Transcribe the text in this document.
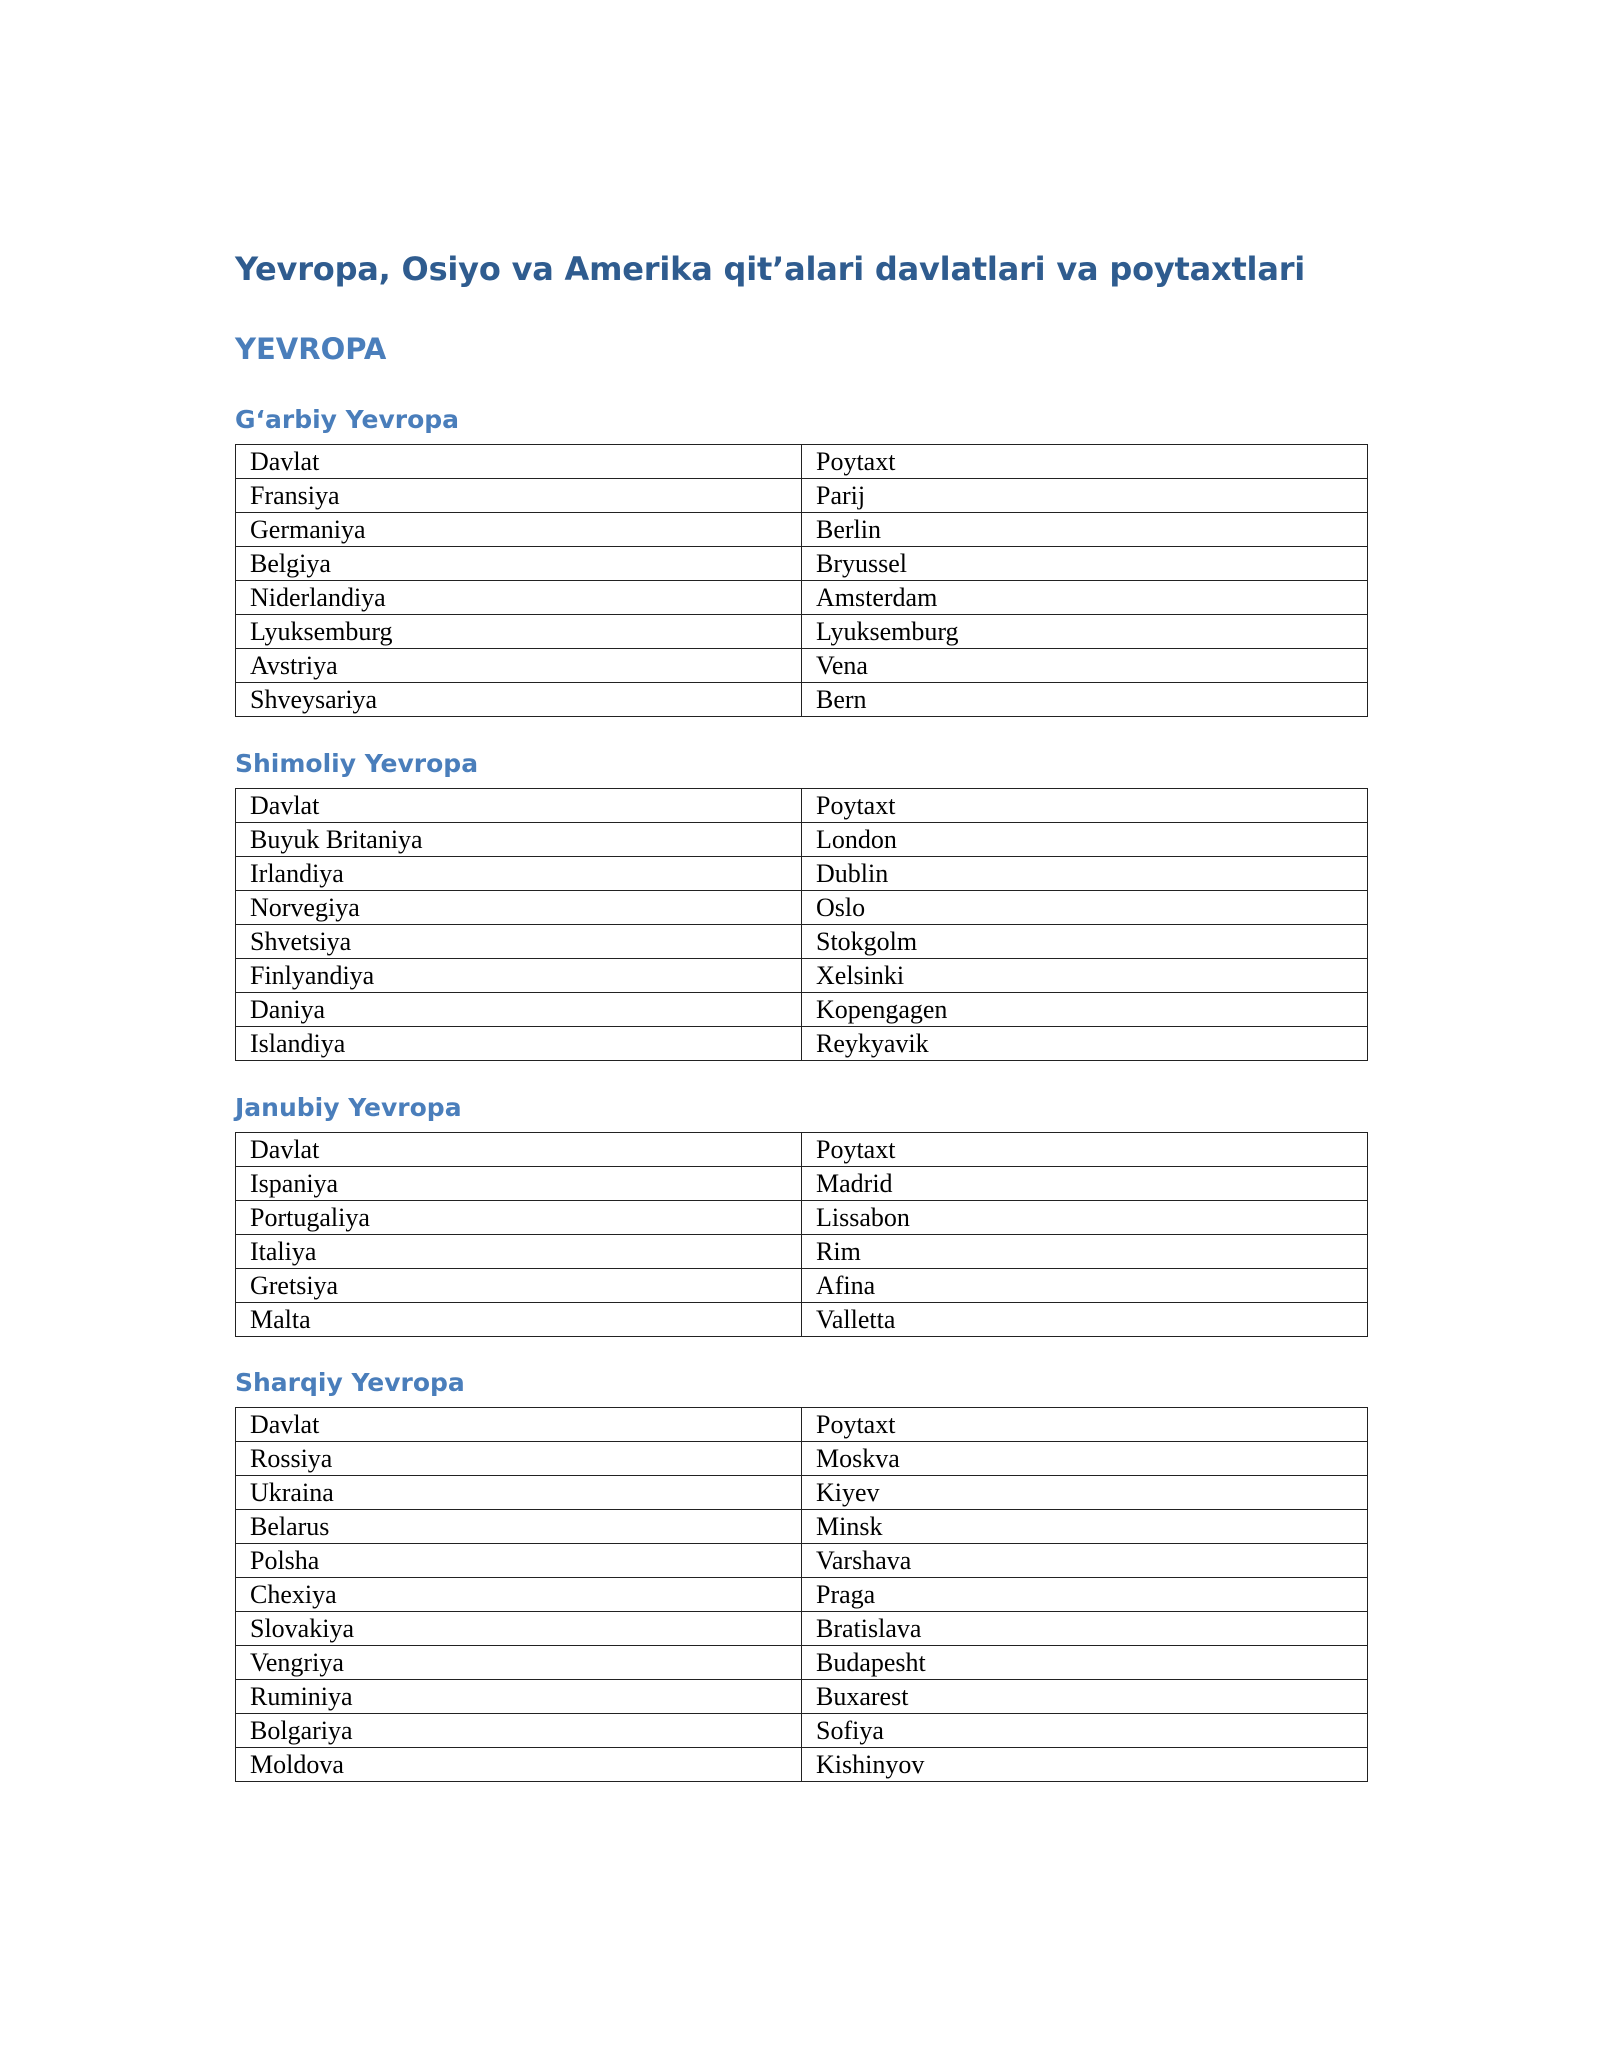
Yevropa, Osiyo va Amerika qit’alari davlatlari va poytaxtlari
YEVROPA
G‘arbiy Yevropa
Davlat	Poytaxt
Fransiya	Parij
Germaniya	Berlin
Belgiya	Bryussel
Niderlandiya	Amsterdam
Lyuksemburg	Lyuksemburg
Avstriya	Vena
Shveysariya	Bern
Shimoliy Yevropa
Davlat	Poytaxt
Buyuk Britaniya	London
Irlandiya	Dublin
Norvegiya	Oslo
Shvetsiya	Stokgolm
Finlyandiya	Xelsinki
Daniya	Kopengagen
Islandiya	Reykyavik
Janubiy Yevropa
Davlat	Poytaxt
Ispaniya	Madrid
Portugaliya	Lissabon
Italiya	Rim
Gretsiya	Afina
Malta	Valletta
Sharqiy Yevropa
Davlat	Poytaxt
Rossiya	Moskva
Ukraina	Kiyev
Belarus	Minsk
Polsha	Varshava
Chexiya	Praga
Slovakiya	Bratislava
Vengriya	Budapesht
Ruminiya	Buxarest
Bolgariya	Sofiya
Moldova	Kishinyov
